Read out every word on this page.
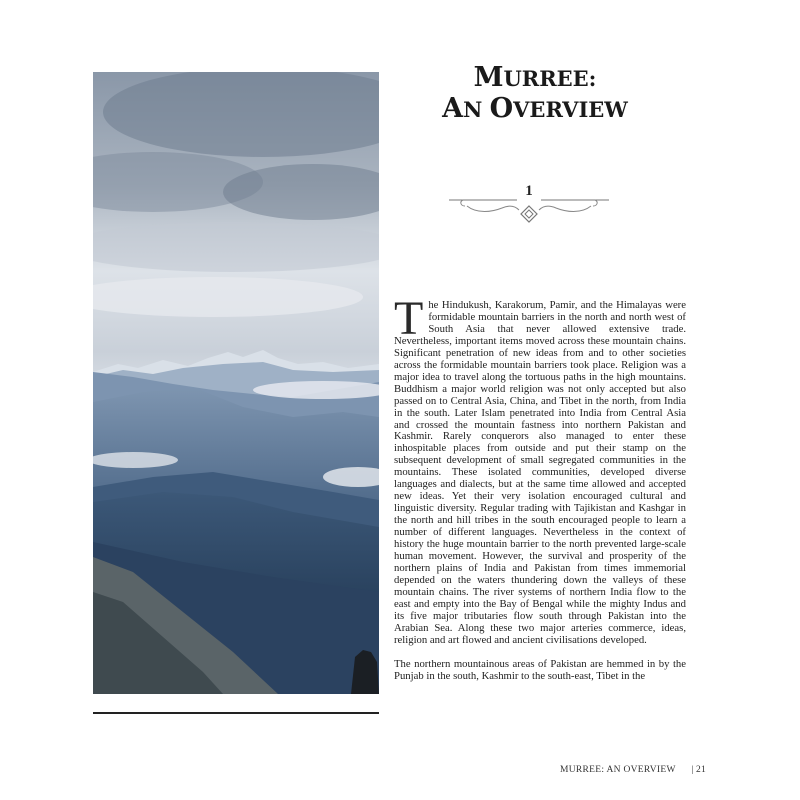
MURREE:
AN OVERVIEW
1

The Hindukush, Karakorum, Pamir, and the Himalayas were formidable mountain barriers in the north and north west of South Asia that never allowed extensive trade. Nevertheless, important items moved across these mountain chains. Significant penetration of new ideas from and to other societies across the formidable mountain barriers took place. Religion was a major idea to travel along the tortuous paths in the high mountains. Buddhism a major world religion was not only accepted but also passed on to Central Asia, China, and Tibet in the north, from India in the south. Later Islam penetrated into India from Central Asia and crossed the mountain fastness into northern Pakistan and Kashmir. Rarely conquerors also managed to enter these inhospitable places from outside and put their stamp on the subsequent development of small segregated communities in the mountains. These isolated communities, developed diverse languages and dialects, but at the same time allowed and accepted new ideas. Yet their very isolation encouraged cultural and linguistic diversity. Regular trading with Tajikistan and Kashgar in the north and hill tribes in the south encouraged people to learn a number of different languages. Nevertheless in the context of history the huge mountain barrier to the north prevented large-scale human movement. However, the survival and prosperity of the northern plains of India and Pakistan from times immemorial depended on the waters thundering down the valleys of these mountain chains. The river systems of northern India flow to the east and empty into the Bay of Bengal while the mighty Indus and its five major tributaries flow south through Pakistan into the Arabian Sea. Along these two major arteries commerce, ideas, religion and art flowed and ancient civilisations developed.

The northern mountainous areas of Pakistan are hemmed in by the Punjab in the south, Kashmir to the south-east, Tibet in the

MURREE: AN OVERVIEW | 21
